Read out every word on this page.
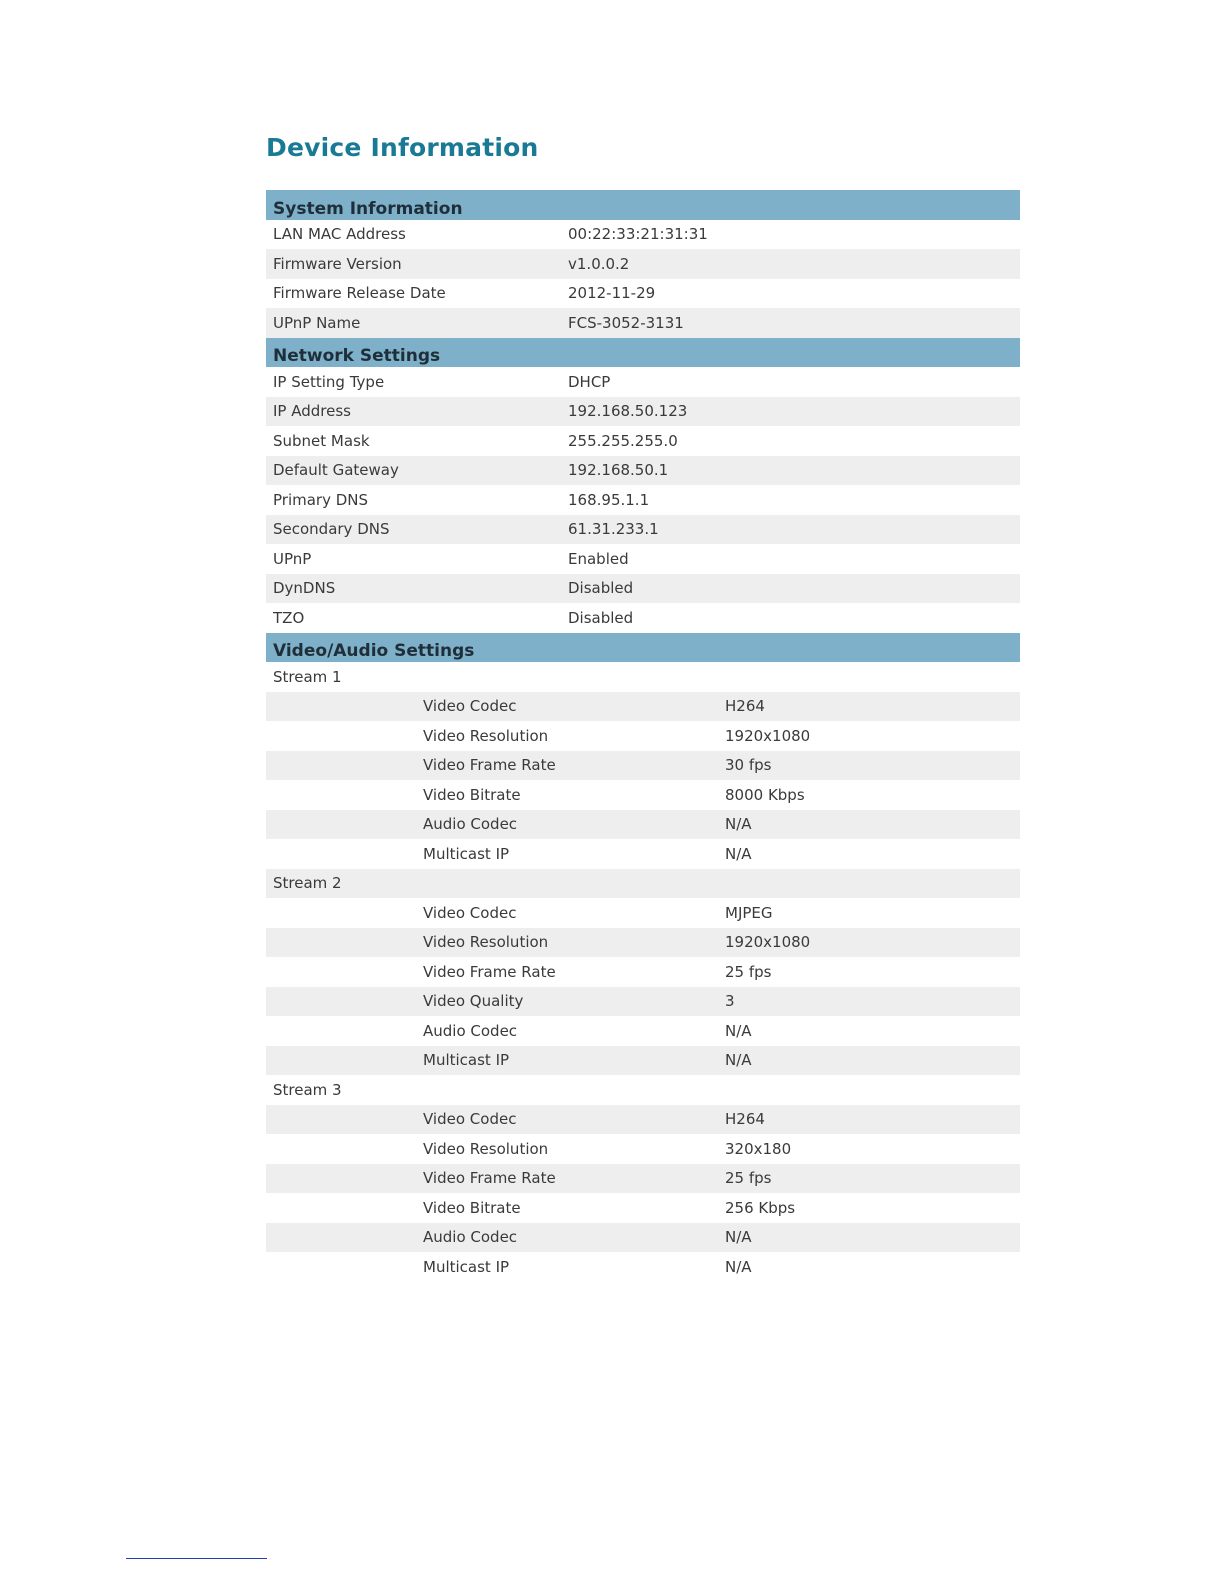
Device Information
System Information
LAN MAC Address	00:22:33:21:31:31
Firmware Version	v1.0.0.2
Firmware Release Date	2012-11-29
UPnP Name	FCS-3052-3131
Network Settings
IP Setting Type	DHCP
IP Address	192.168.50.123
Subnet Mask	255.255.255.0
Default Gateway	192.168.50.1
Primary DNS	168.95.1.1
Secondary DNS	61.31.233.1
UPnP	Enabled
DynDNS	Disabled
TZO	Disabled
Video/Audio Settings
Stream 1
Video Codec	H264
Video Resolution	1920x1080
Video Frame Rate	30 fps
Video Bitrate	8000 Kbps
Audio Codec	N/A
Multicast IP	N/A
Stream 2
Video Codec	MJPEG
Video Resolution	1920x1080
Video Frame Rate	25 fps
Video Quality	3
Audio Codec	N/A
Multicast IP	N/A
Stream 3
Video Codec	H264
Video Resolution	320x180
Video Frame Rate	25 fps
Video Bitrate	256 Kbps
Audio Codec	N/A
Multicast IP	N/A
